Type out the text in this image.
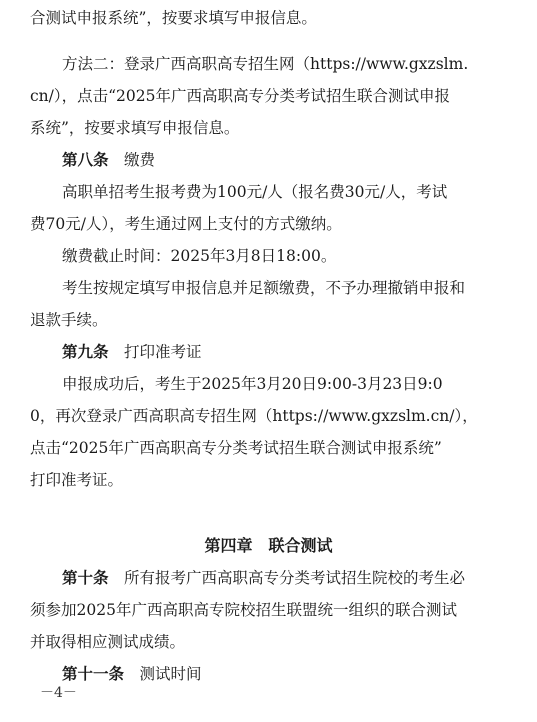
合测试申报系统”，按要求填写申报信息。
方法二：登录广西高职高专招生网（https://www.gxzslm.
cn/），点击“2025年广西高职高专分类考试招生联合测试申报
系统”，按要求填写申报信息。
第八条　 缴费
高职单招考生报考费为100元/人（报名费30元/人，考试
费70元/人），考生通过网上支付的方式缴纳。
缴费截止时间：2025年3月8日18:00。
考生按规定填写申报信息并足额缴费，不予办理撤销申报和
退款手续。
第九条　 打印准考证
申报成功后，考生于2025年3月20日9:00-3月23日9:0
0，再次登录广西高职高专招生网（https://www.gxzslm.cn/），
点击“2025年广西高职高专分类考试招生联合测试申报系统”
打印准考证。
第四章　联合测试
第十条　 所有报考广西高职高专分类考试招生院校的考生必
须参加2025年广西高职高专院校招生联盟统一组织的联合测试
并取得相应测试成绩。
第十一条　 测试时间
－4－
